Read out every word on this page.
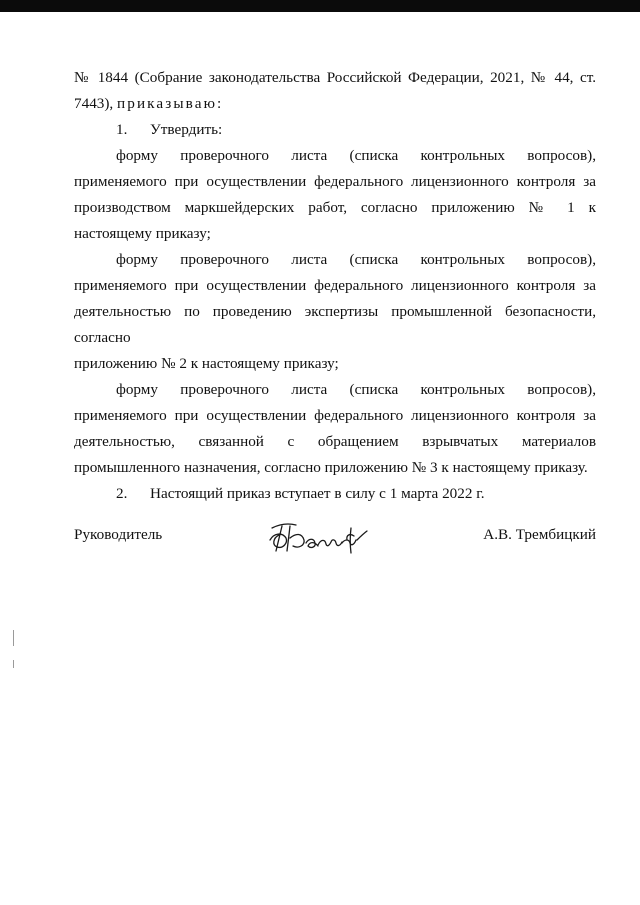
№ 1844 (Собрание законодательства Российской Федерации, 2021, № 44, ст. 7443), приказываю:

1.	Утвердить:

форму проверочного листа (списка контрольных вопросов), применяемого при осуществлении федерального лицензионного контроля за производством маркшейдерских работ, согласно приложению № 1 к настоящему приказу;

форму проверочного листа (списка контрольных вопросов), применяемого при осуществлении федерального лицензионного контроля за деятельностью по проведению экспертизы промышленной безопасности, согласно

приложению № 2 к настоящему приказу;

форму проверочного листа (списка контрольных вопросов), применяемого при осуществлении федерального лицензионного контроля за деятельностью, связанной с обращением взрывчатых материалов промышленного назначения, согласно приложению № 3 к настоящему приказу.

2.	Настоящий приказ вступает в силу с 1 марта 2022 г.

Руководитель	А.В. Трембицкий
